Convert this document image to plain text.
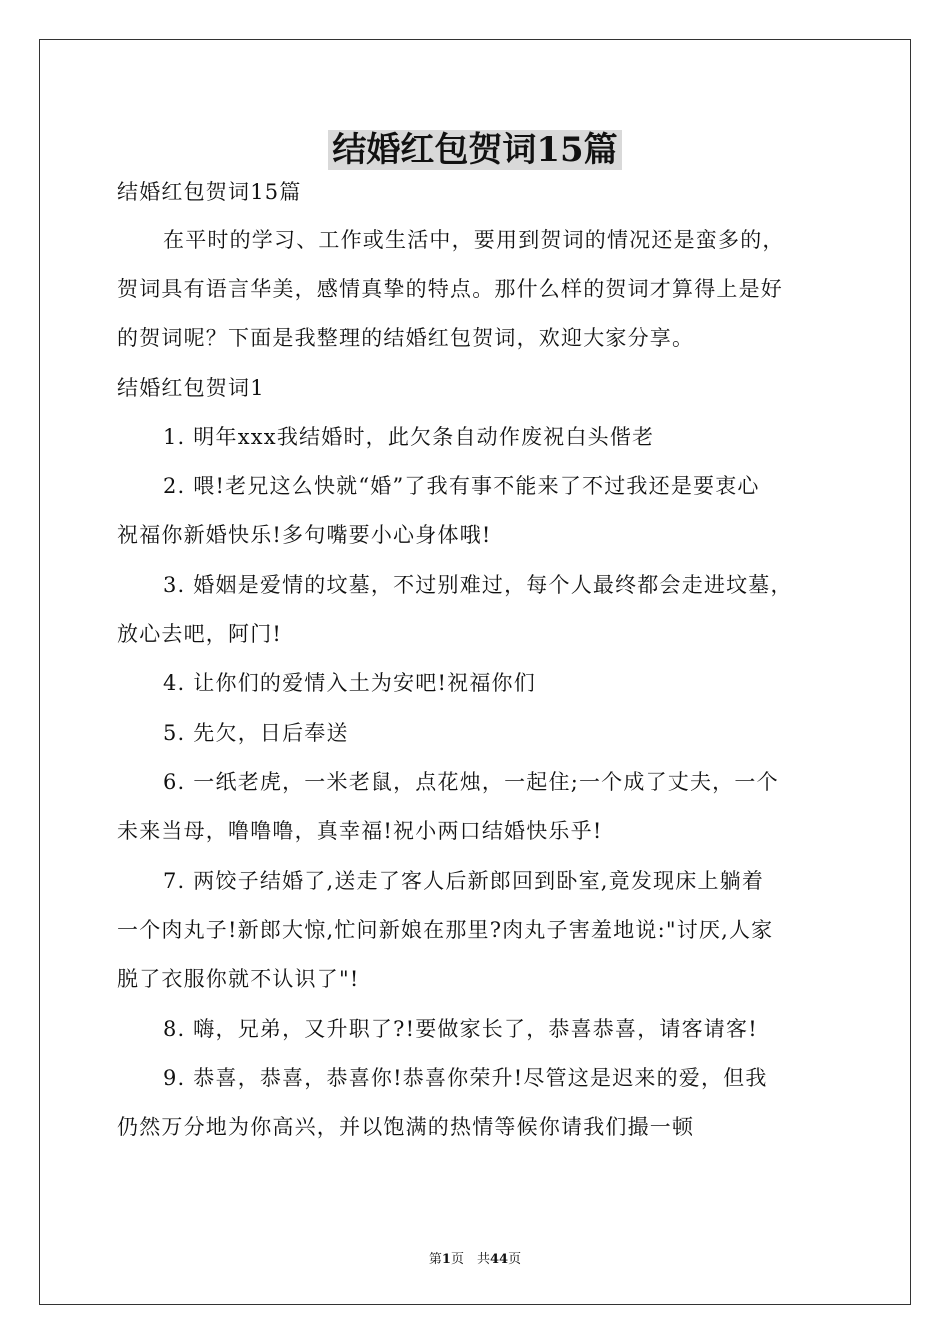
结婚红包贺词15篇
结婚红包贺词15篇
在平时的学习、工作或生活中，要用到贺词的情况还是蛮多的，
贺词具有语言华美，感情真挚的特点。那什么样的贺词才算得上是好
的贺词呢？下面是我整理的结婚红包贺词，欢迎大家分享。
结婚红包贺词1
1. 明年xxx我结婚时，此欠条自动作废祝白头偕老
2. 喂!老兄这么快就“婚”了我有事不能来了不过我还是要衷心
祝福你新婚快乐!多句嘴要小心身体哦!
3. 婚姻是爱情的坟墓，不过别难过，每个人最终都会走进坟墓，
放心去吧，阿门!
4. 让你们的爱情入土为安吧!祝福你们
5. 先欠，日后奉送
6. 一纸老虎，一米老鼠，点花烛，一起住;一个成了丈夫，一个
未来当母，噜噜噜，真幸福!祝小两口结婚快乐乎!
7. 两饺子结婚了,送走了客人后新郎回到卧室,竟发现床上躺着
一个肉丸子!新郎大惊,忙问新娘在那里?肉丸子害羞地说:"讨厌,人家
脱了衣服你就不认识了"!
8. 嗨，兄弟，又升职了?!要做家长了，恭喜恭喜，请客请客!
9. 恭喜，恭喜，恭喜你!恭喜你荣升!尽管这是迟来的爱，但我
仍然万分地为你高兴，并以饱满的热情等候你请我们撮一顿
第1页　共44页
